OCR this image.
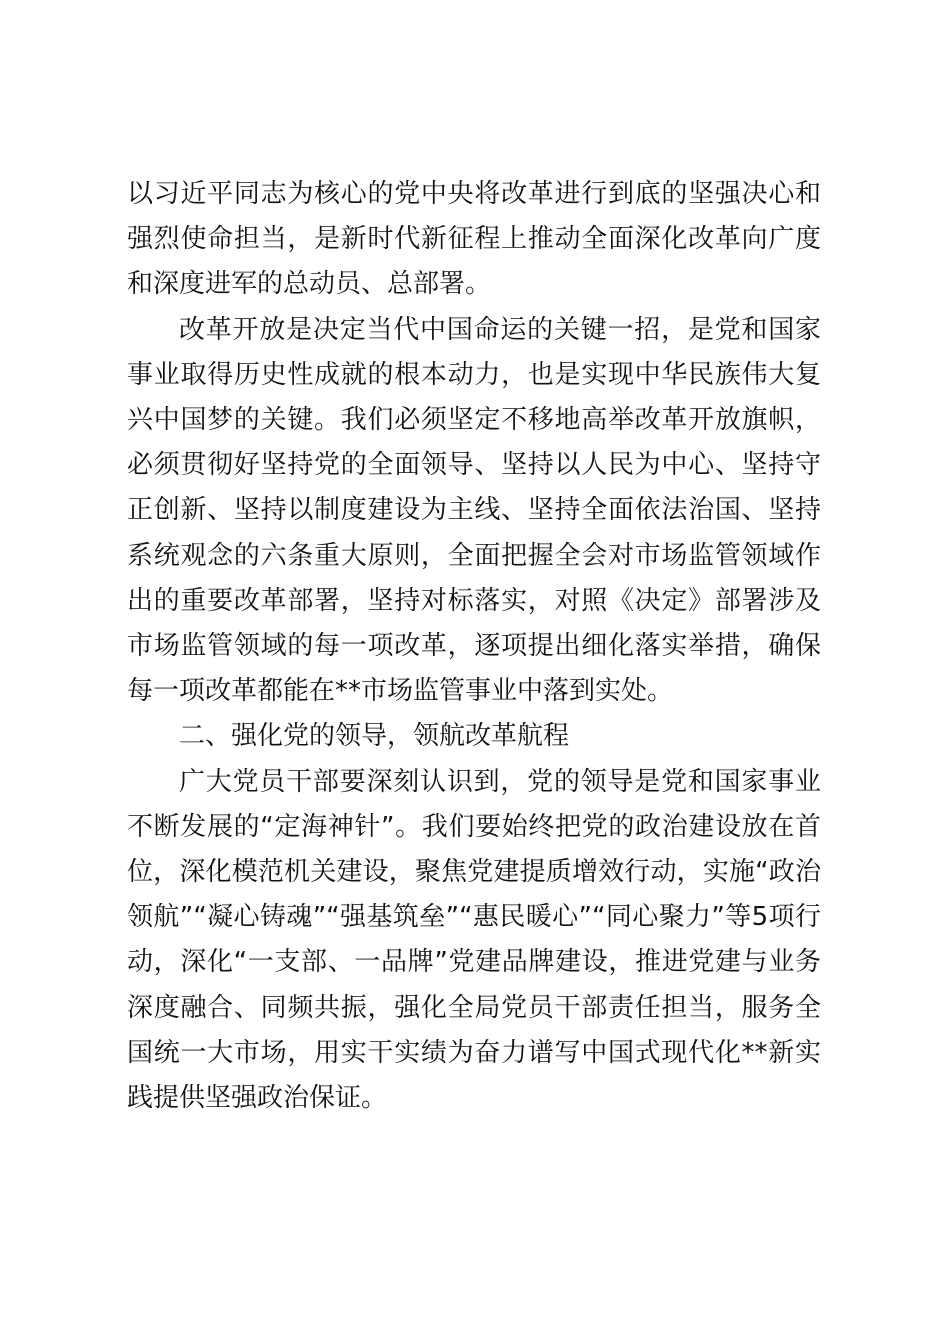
以习近平同志为核心的党中央将改革进行到底的坚强决心和强烈使命担当，是新时代新征程上推动全面深化改革向广度和深度进军的总动员、总部署。

改革开放是决定当代中国命运的关键一招，是党和国家事业取得历史性成就的根本动力，也是实现中华民族伟大复兴中国梦的关键。我们必须坚定不移地高举改革开放旗帜，必须贯彻好坚持党的全面领导、坚持以人民为中心、坚持守正创新、坚持以制度建设为主线、坚持全面依法治国、坚持系统观念的六条重大原则，全面把握全会对市场监管领域作出的重要改革部署，坚持对标落实，对照《决定》部署涉及市场监管领域的每一项改革，逐项提出细化落实举措，确保每一项改革都能在**市场监管事业中落到实处。

二、强化党的领导，领航改革航程

广大党员干部要深刻认识到，党的领导是党和国家事业不断发展的“定海神针”。我们要始终把党的政治建设放在首位，深化模范机关建设，聚焦党建提质增效行动，实施“政治领航”“凝心铸魂”“强基筑垒”“惠民暖心”“同心聚力”等5项行动，深化“一支部、一品牌”党建品牌建设，推进党建与业务深度融合、同频共振，强化全局党员干部责任担当，服务全国统一大市场，用实干实绩为奋力谱写中国式现代化**新实践提供坚强政治保证。
